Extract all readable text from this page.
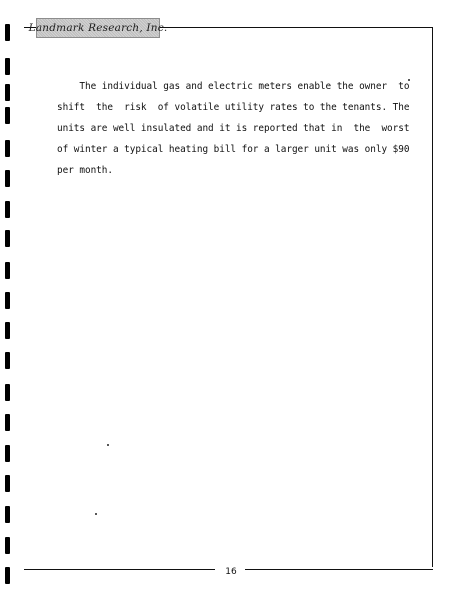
Landmark Research, Inc.
The individual gas and electric meters enable the owner  to
shift  the  risk  of volatile utility rates to the tenants. The
units are well insulated and it is reported that in  the  worst
of winter a typical heating bill for a larger unit was only $90
per month.
16
